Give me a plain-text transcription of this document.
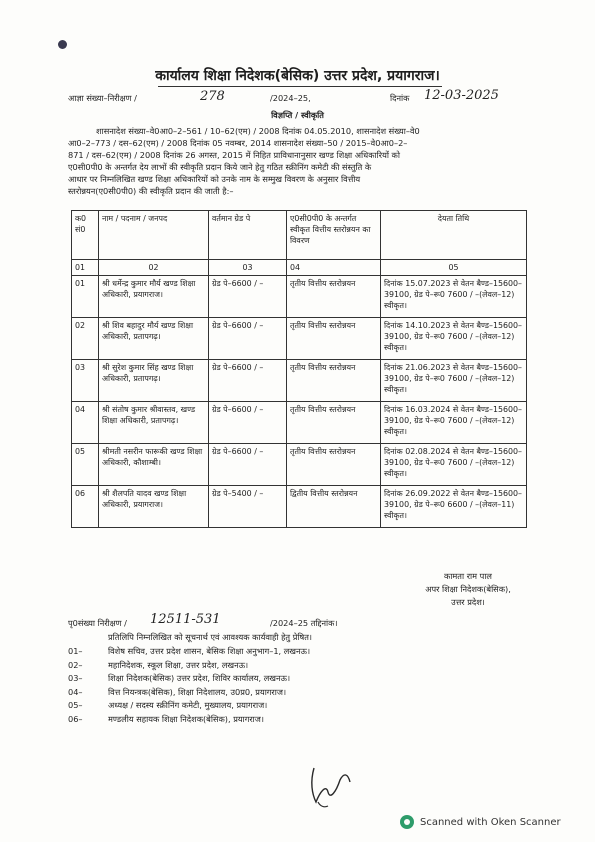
कार्यालय शिक्षा निदेशक(बेसिक) उत्तर प्रदेश, प्रयागराज।
आज्ञा संख्या–निरीक्षण /	278	/2024–25,	दिनांक 12-03-2025
विज्ञप्ति / स्वीकृति
शासनादेश संख्या–वे0आ0–2–561 / 10–62(एम) / 2008 दिनांक 04.05.2010, शासनादेश संख्या–वे0
आ0–2–773 / दस–62(एम) / 2008 दिनांक 05 नवम्बर, 2014 शासनादेश संख्या–50 / 2015–वे0आ0–2–
871 / दस–62(एम) / 2008 दिनांक 26 अगस्त, 2015 में निहित प्राविधानानुसार खण्ड शिक्षा अधिकारियों को
ए0सी0पी0 के अन्तर्गत देय लाभों की स्वीकृति प्रदान किये जाने हेतु गठित स्क्रीनिंग कमेटी की संस्तुति के
आधार पर निम्नलिखित खण्ड शिक्षा अधिकारियों को उनके नाम के सम्मुख विवरण के अनुसार वित्तीय
स्तरोन्नयन(ए0सी0पी0) की स्वीकृति प्रदान की जाती है:–
क0 सं0	नाम / पदनाम / जनपद	वर्तमान ग्रेड पे	ए0सी0पी0 के अन्तर्गत स्वीकृत वित्तीय स्तरोन्नयन का विवरण	देयता तिथि
01	02	03	04	05
01	श्री धर्मेन्द्र कुमार मौर्य खण्ड शिक्षा अधिकारी, प्रयागराज।	ग्रेड पे–6600 / –	तृतीय वित्तीय स्तरोन्नयन	दिनांक 15.07.2023 से वेतन बैण्ड–15600–39100, ग्रेड पे–रू0 7600 / –(लेवल–12) स्वीकृत।
02	श्री शिव बहादुर मौर्य खण्ड शिक्षा अधिकारी, प्रतापगढ़।	ग्रेड पे–6600 / –	तृतीय वित्तीय स्तरोन्नयन	दिनांक 14.10.2023 से वेतन बैण्ड–15600–39100, ग्रेड पे–रू0 7600 / –(लेवल–12) स्वीकृत।
03	श्री सुरेश कुमार सिंह खण्ड शिक्षा अधिकारी, प्रतापगढ़।	ग्रेड पे–6600 / –	तृतीय वित्तीय स्तरोन्नयन	दिनांक 21.06.2023 से वेतन बैण्ड–15600–39100, ग्रेड पे–रू0 7600 / –(लेवल–12) स्वीकृत।
04	श्री संतोष कुमार श्रीवास्तव, खण्ड शिक्षा अधिकारी, प्रतापगढ़।	ग्रेड पे–6600 / –	तृतीय वित्तीय स्तरोन्नयन	दिनांक 16.03.2024 से वेतन बैण्ड–15600–39100, ग्रेड पे–रू0 7600 / –(लेवल–12) स्वीकृत।
05	श्रीमती नसरीन फारूकी खण्ड शिक्षा अधिकारी, कौशाम्बी।	ग्रेड पे–6600 / –	तृतीय वित्तीय स्तरोन्नयन	दिनांक 02.08.2024 से वेतन बैण्ड–15600–39100, ग्रेड पे–रू0 7600 / –(लेवल–12) स्वीकृत।
06	श्री शैलपति यादव खण्ड शिक्षा अधिकारी, प्रयागराज।	ग्रेड पे–5400 / –	द्वितीय वित्तीय स्तरोन्नयन	दिनांक 26.09.2022 से वेतन बैण्ड–15600–39100, ग्रेड पे–रू0 6600 / –(लेवल–11) स्वीकृत।
कामता राम पाल
अपर शिक्षा निदेशक(बेसिक),
उत्तर प्रदेश।
पृ0संख्या निरीक्षण / 12511-531	/2024–25 तद्दिनांक।
प्रतिलिपि निम्नलिखित को सूचनार्थ एवं आवश्यक कार्यवाही हेतु प्रेषित।
01–	विशेष सचिव, उत्तर प्रदेश शासन, बेसिक शिक्षा अनुभाग–1, लखनऊ।
02–	महानिदेशक, स्कूल शिक्षा, उत्तर प्रदेश, लखनऊ।
03–	शिक्षा निदेशक(बेसिक) उत्तर प्रदेश, शिविर कार्यालय, लखनऊ।
04–	वित्त नियन्त्रक(बेसिक), शिक्षा निदेशालय, उ0प्र0, प्रयागराज।
05–	अध्यक्ष / सदस्य स्क्रीनिंग कमेटी, मुख्यालय, प्रयागराज।
06–	मण्डलीय सहायक शिक्षा निदेशक(बेसिक), प्रयागराज।
Scanned with Oken Scanner
